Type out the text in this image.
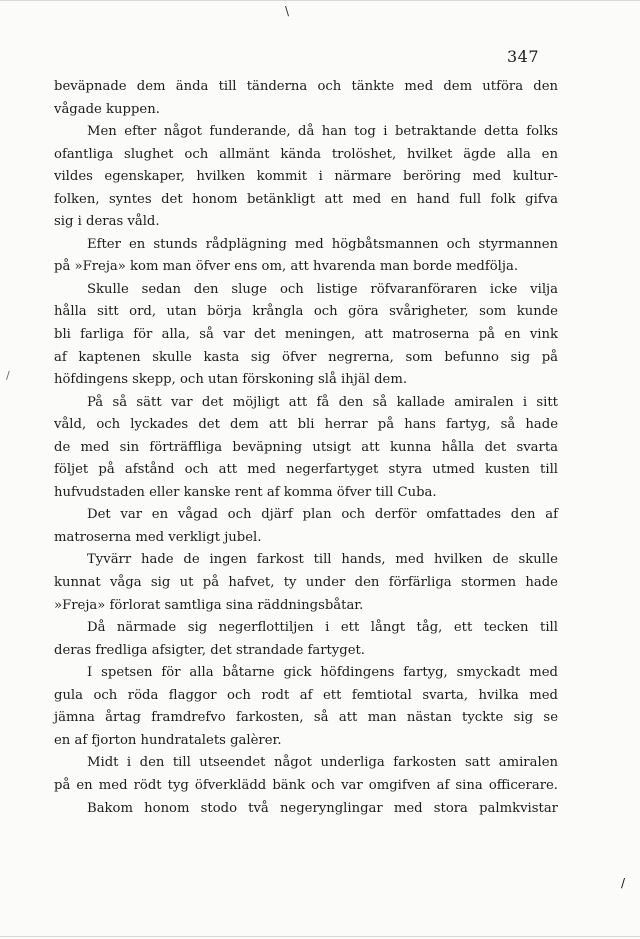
\
/
/
347
beväpnade dem ända till tänderna och tänkte med dem utföra den
vågade kuppen.
Men efter något funderande, då han tog i betraktande detta folks
ofantliga slughet och allmänt kända trolöshet, hvilket ägde alla en
vildes egenskaper, hvilken kommit i närmare beröring med kultur-
folken, syntes det honom betänkligt att med en hand full folk gifva
sig i deras våld.
Efter en stunds rådplägning med högbåtsmannen och styrmannen
på »Freja» kom man öfver ens om, att hvarenda man borde medfölja.
Skulle sedan den sluge och listige röfvaranföraren icke vilja
hålla sitt ord, utan börja krångla och göra svårigheter, som kunde
bli farliga för alla, så var det meningen, att matroserna på en vink
af kaptenen skulle kasta sig öfver negrerna, som befunno sig på
höfdingens skepp, och utan förskoning slå ihjäl dem.
På så sätt var det möjligt att få den så kallade amiralen i sitt
våld, och lyckades det dem att bli herrar på hans fartyg, så hade
de med sin förträffliga beväpning utsigt att kunna hålla det svarta
följet på afstånd och att med negerfartyget styra utmed kusten till
hufvudstaden eller kanske rent af komma öfver till Cuba.
Det var en vågad och djärf plan och derför omfattades den af
matroserna med verkligt jubel.
Tyvärr hade de ingen farkost till hands, med hvilken de skulle
kunnat våga sig ut på hafvet, ty under den förfärliga stormen hade
»Freja» förlorat samtliga sina räddningsbåtar.
Då närmade sig negerflottiljen i ett långt tåg, ett tecken till
deras fredliga afsigter, det strandade fartyget.
I spetsen för alla båtarne gick höfdingens fartyg, smyckadt med
gula och röda flaggor och rodt af ett femtiotal svarta, hvilka med
jämna årtag framdrefvo farkosten, så att man nästan tyckte sig se
en af fjorton hundratalets galèrer.
Midt i den till utseendet något underliga farkosten satt amiralen
på en med rödt tyg öfverklädd bänk och var omgifven af sina officerare.
Bakom honom stodo två negerynglingar med stora palmkvistar
